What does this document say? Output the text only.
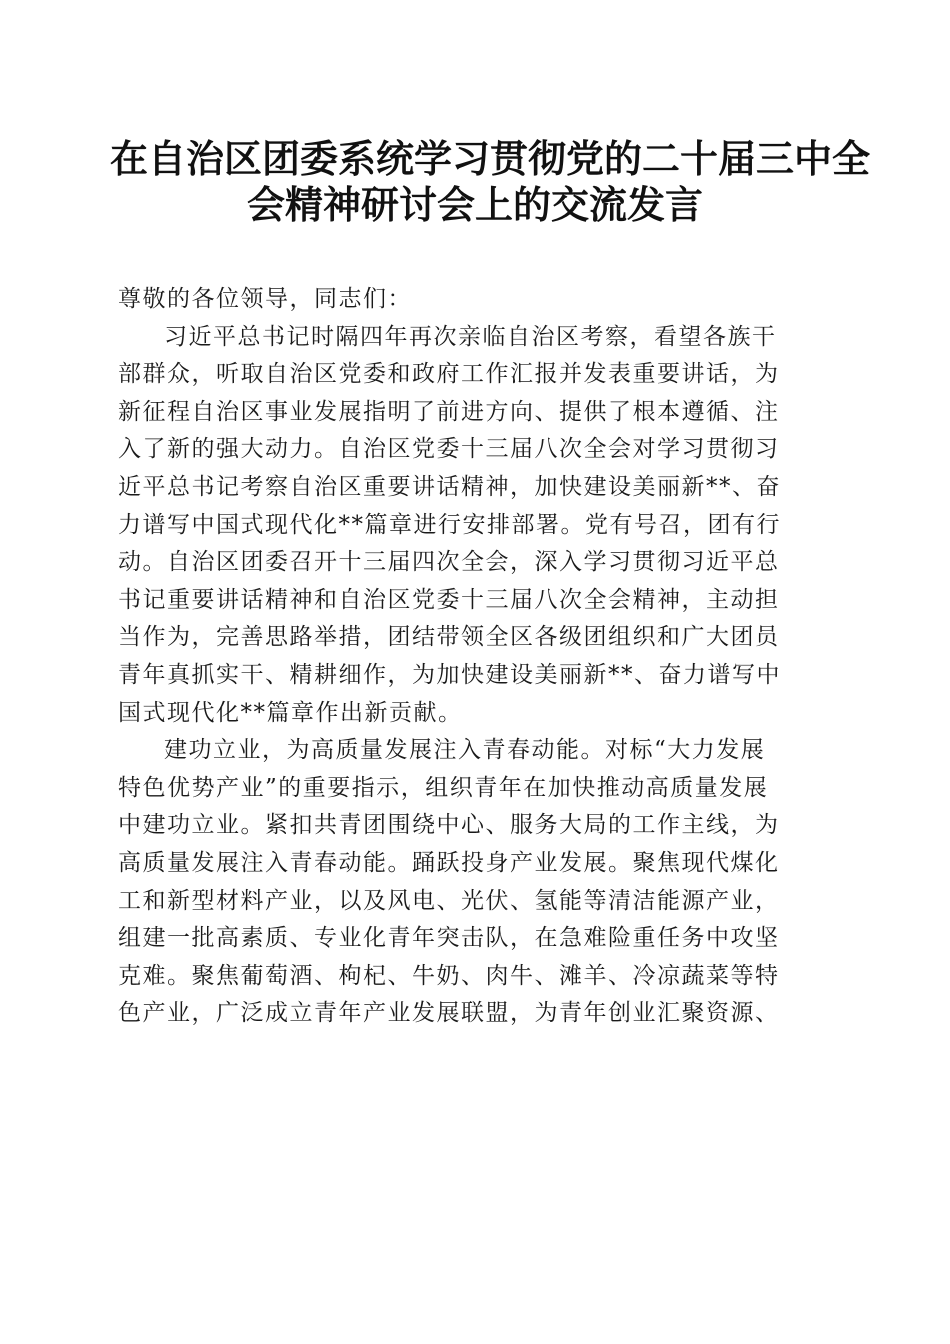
在自治区团委系统学习贯彻党的二十届三中全
会精神研讨会上的交流发言

尊敬的各位领导，同志们：

习近平总书记时隔四年再次亲临自治区考察，看望各族干
部群众，听取自治区党委和政府工作汇报并发表重要讲话，为
新征程自治区事业发展指明了前进方向、提供了根本遵循、注
入了新的强大动力。自治区党委十三届八次全会对学习贯彻习
近平总书记考察自治区重要讲话精神，加快建设美丽新**、奋
力谱写中国式现代化**篇章进行安排部署。党有号召，团有行
动。自治区团委召开十三届四次全会，深入学习贯彻习近平总
书记重要讲话精神和自治区党委十三届八次全会精神，主动担
当作为，完善思路举措，团结带领全区各级团组织和广大团员
青年真抓实干、精耕细作，为加快建设美丽新**、奋力谱写中
国式现代化**篇章作出新贡献。

建功立业，为高质量发展注入青春动能。对标“大力发展
特色优势产业”的重要指示，组织青年在加快推动高质量发展
中建功立业。紧扣共青团围绕中心、服务大局的工作主线，为
高质量发展注入青春动能。踊跃投身产业发展。聚焦现代煤化
工和新型材料产业，以及风电、光伏、氢能等清洁能源产业，
组建一批高素质、专业化青年突击队，在急难险重任务中攻坚
克难。聚焦葡萄酒、枸杞、牛奶、肉牛、滩羊、冷凉蔬菜等特
色产业，广泛成立青年产业发展联盟，为青年创业汇聚资源、
